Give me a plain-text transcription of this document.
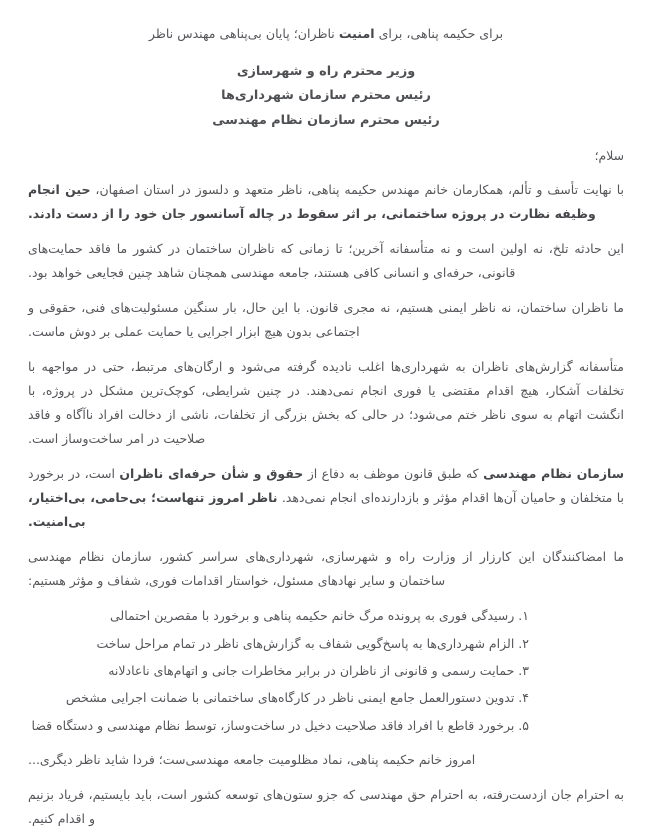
برای حکیمه پناهی، برای امنیت ناظران؛ پایان بی‌پناهی مهندس ناظر
وزیر محترم راه و شهرسازی
رئیس محترم سازمان شهرداری‌ها
رئیس محترم سازمان نظام مهندسی
سلام؛

با نهایت تأسف و تألم، همکارمان خانم مهندس حکیمه پناهی، ناظر متعهد و دلسوز در استان اصفهان، حین انجام وظیفه نظارت در پروژه ساختمانی، بر اثر سقوط در چاله آسانسور جان خود را از دست دادند.

این حادثه تلخ، نه اولین است و نه متأسفانه آخرین؛ تا زمانی که ناظران ساختمان در کشور ما فاقد حمایت‌های قانونی، حرفه‌ای و انسانی کافی هستند، جامعه مهندسی همچنان شاهد چنین فجایعی خواهد بود.

ما ناظران ساختمان، نه ناظر ایمنی هستیم، نه مجری قانون. با این حال، بار سنگین مسئولیت‌های فنی، حقوقی و اجتماعی بدون هیچ ابزار اجرایی یا حمایت عملی بر دوش ماست.

متأسفانه گزارش‌های ناظران به شهرداری‌ها اغلب نادیده گرفته می‌شود و ارگان‌های مرتبط، حتی در مواجهه با تخلفات آشکار، هیچ اقدام مقتضی یا فوری انجام نمی‌دهند. در چنین شرایطی، کوچک‌ترین مشکل در پروژه، با انگشت اتهام به سوی ناظر ختم می‌شود؛ در حالی که بخش بزرگی از تخلفات، ناشی از دخالت افراد ناآگاه و فاقد صلاحیت در امر ساخت‌وساز است.

سازمان نظام مهندسی که طبق قانون موظف به دفاع از حقوق و شأن حرفه‌ای ناظران است، در برخورد با متخلفان و حامیان آن‌ها اقدام مؤثر و بازدارنده‌ای انجام نمی‌دهد. ناظر امروز تنهاست؛ بی‌حامی، بی‌اختیار، بی‌امنیت.

ما امضاکنندگان این کارزار از وزارت راه و شهرسازی، شهرداری‌های سراسر کشور، سازمان نظام مهندسی ساختمان و سایر نهادهای مسئول، خواستار اقدامات فوری، شفاف و مؤثر هستیم:

۱. رسیدگی فوری به پرونده مرگ خانم حکیمه پناهی و برخورد با مقصرین احتمالی
۲. الزام شهرداری‌ها به پاسخ‌گویی شفاف به گزارش‌های ناظر در تمام مراحل ساخت
۳. حمایت رسمی و قانونی از ناظران در برابر مخاطرات جانی و اتهام‌های ناعادلانه
۴. تدوین دستورالعمل جامع ایمنی ناظر در کارگاه‌های ساختمانی با ضمانت اجرایی مشخص
۵. برخورد قاطع با افراد فاقد صلاحیت دخیل در ساخت‌وساز، توسط نظام مهندسی و دستگاه قضا

امروز خانم حکیمه پناهی، نماد مظلومیت جامعه مهندسی‌ست؛ فردا شاید ناظر دیگری...

به احترام جان ازدست‌رفته، به احترام حق مهندسی که جزو ستون‌های توسعه کشور است، باید بایستیم، فریاد بزنیم و اقدام کنیم.
